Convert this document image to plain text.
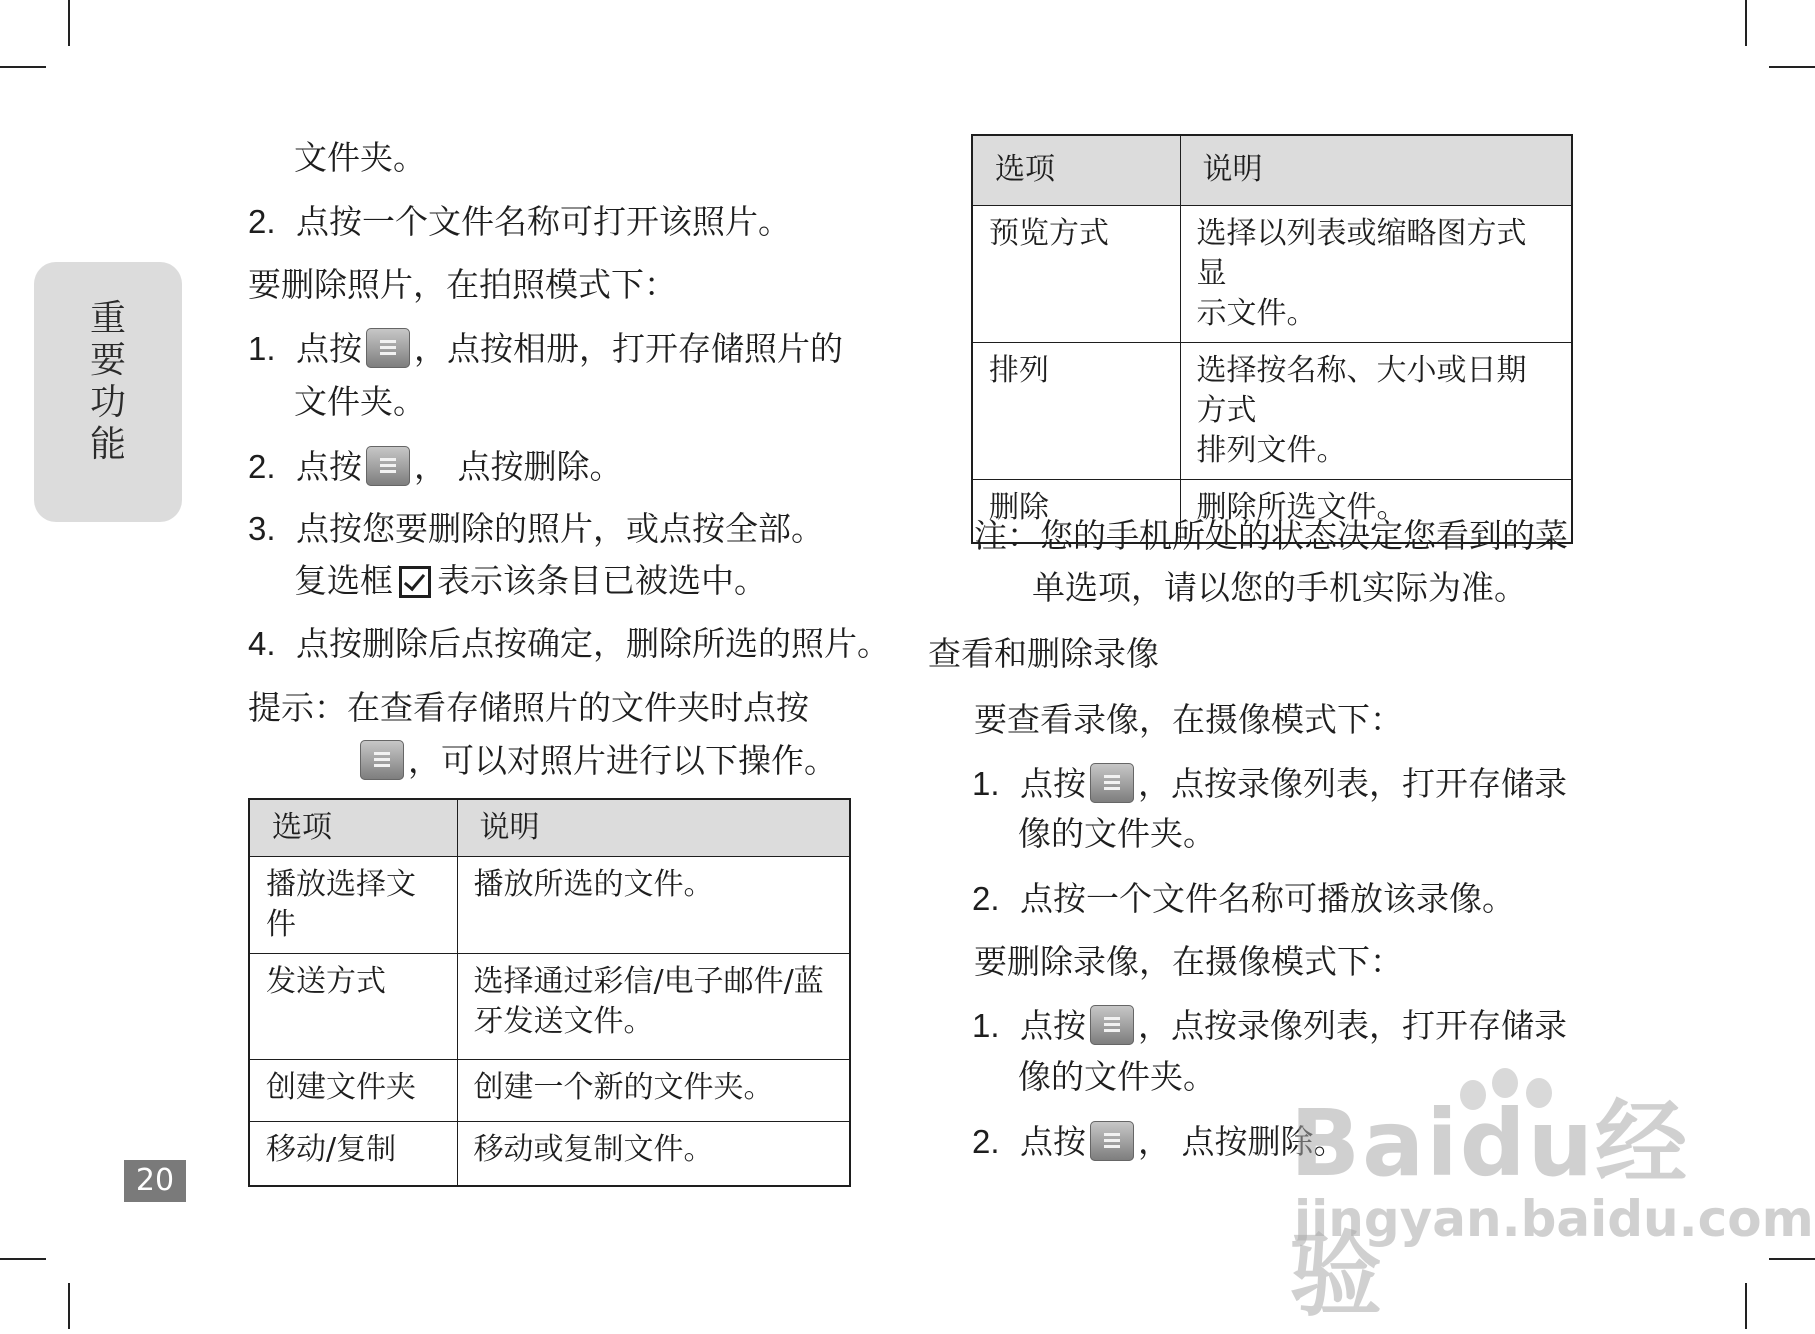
重
要
功
能
20
文件夹。
2. 点按一个文件名称可打开该照片。
要删除照片，在拍照模式下：
1. 点按 ，点按相册，打开存储照片的
文件夹。
2. 点按 ， 点按删除。
3. 点按您要删除的照片，或点按全部。
复选框 表示该条目已被选中。
4. 点按删除后点按确定，删除所选的照片。
提示：在查看存储照片的文件夹时点按
，可以对照片进行以下操作。
选项	说明
播放选择文件	播放所选的文件。

发送方式	选择通过彩信/电子邮件/蓝
牙发送文件。

创建文件夹	创建一个新的文件夹。

移动/复制	移动或复制文件。
选项	说明
预览方式	选择以列表或缩略图方式显
示文件。

排列	选择按名称、大小或日期方式
排列文件。

删除	删除所选文件。
注：您的手机所处的状态决定您看到的菜
单选项，请以您的手机实际为准。
查看和删除录像
要查看录像，在摄像模式下：
1. 点按 ，点按录像列表，打开存储录
像的文件夹。
2. 点按一个文件名称可播放该录像。
要删除录像，在摄像模式下：
1. 点按 ，点按录像列表，打开存储录
像的文件夹。
2. 点按 ， 点按删除。
Baidu经验
jingyan.baidu.com
